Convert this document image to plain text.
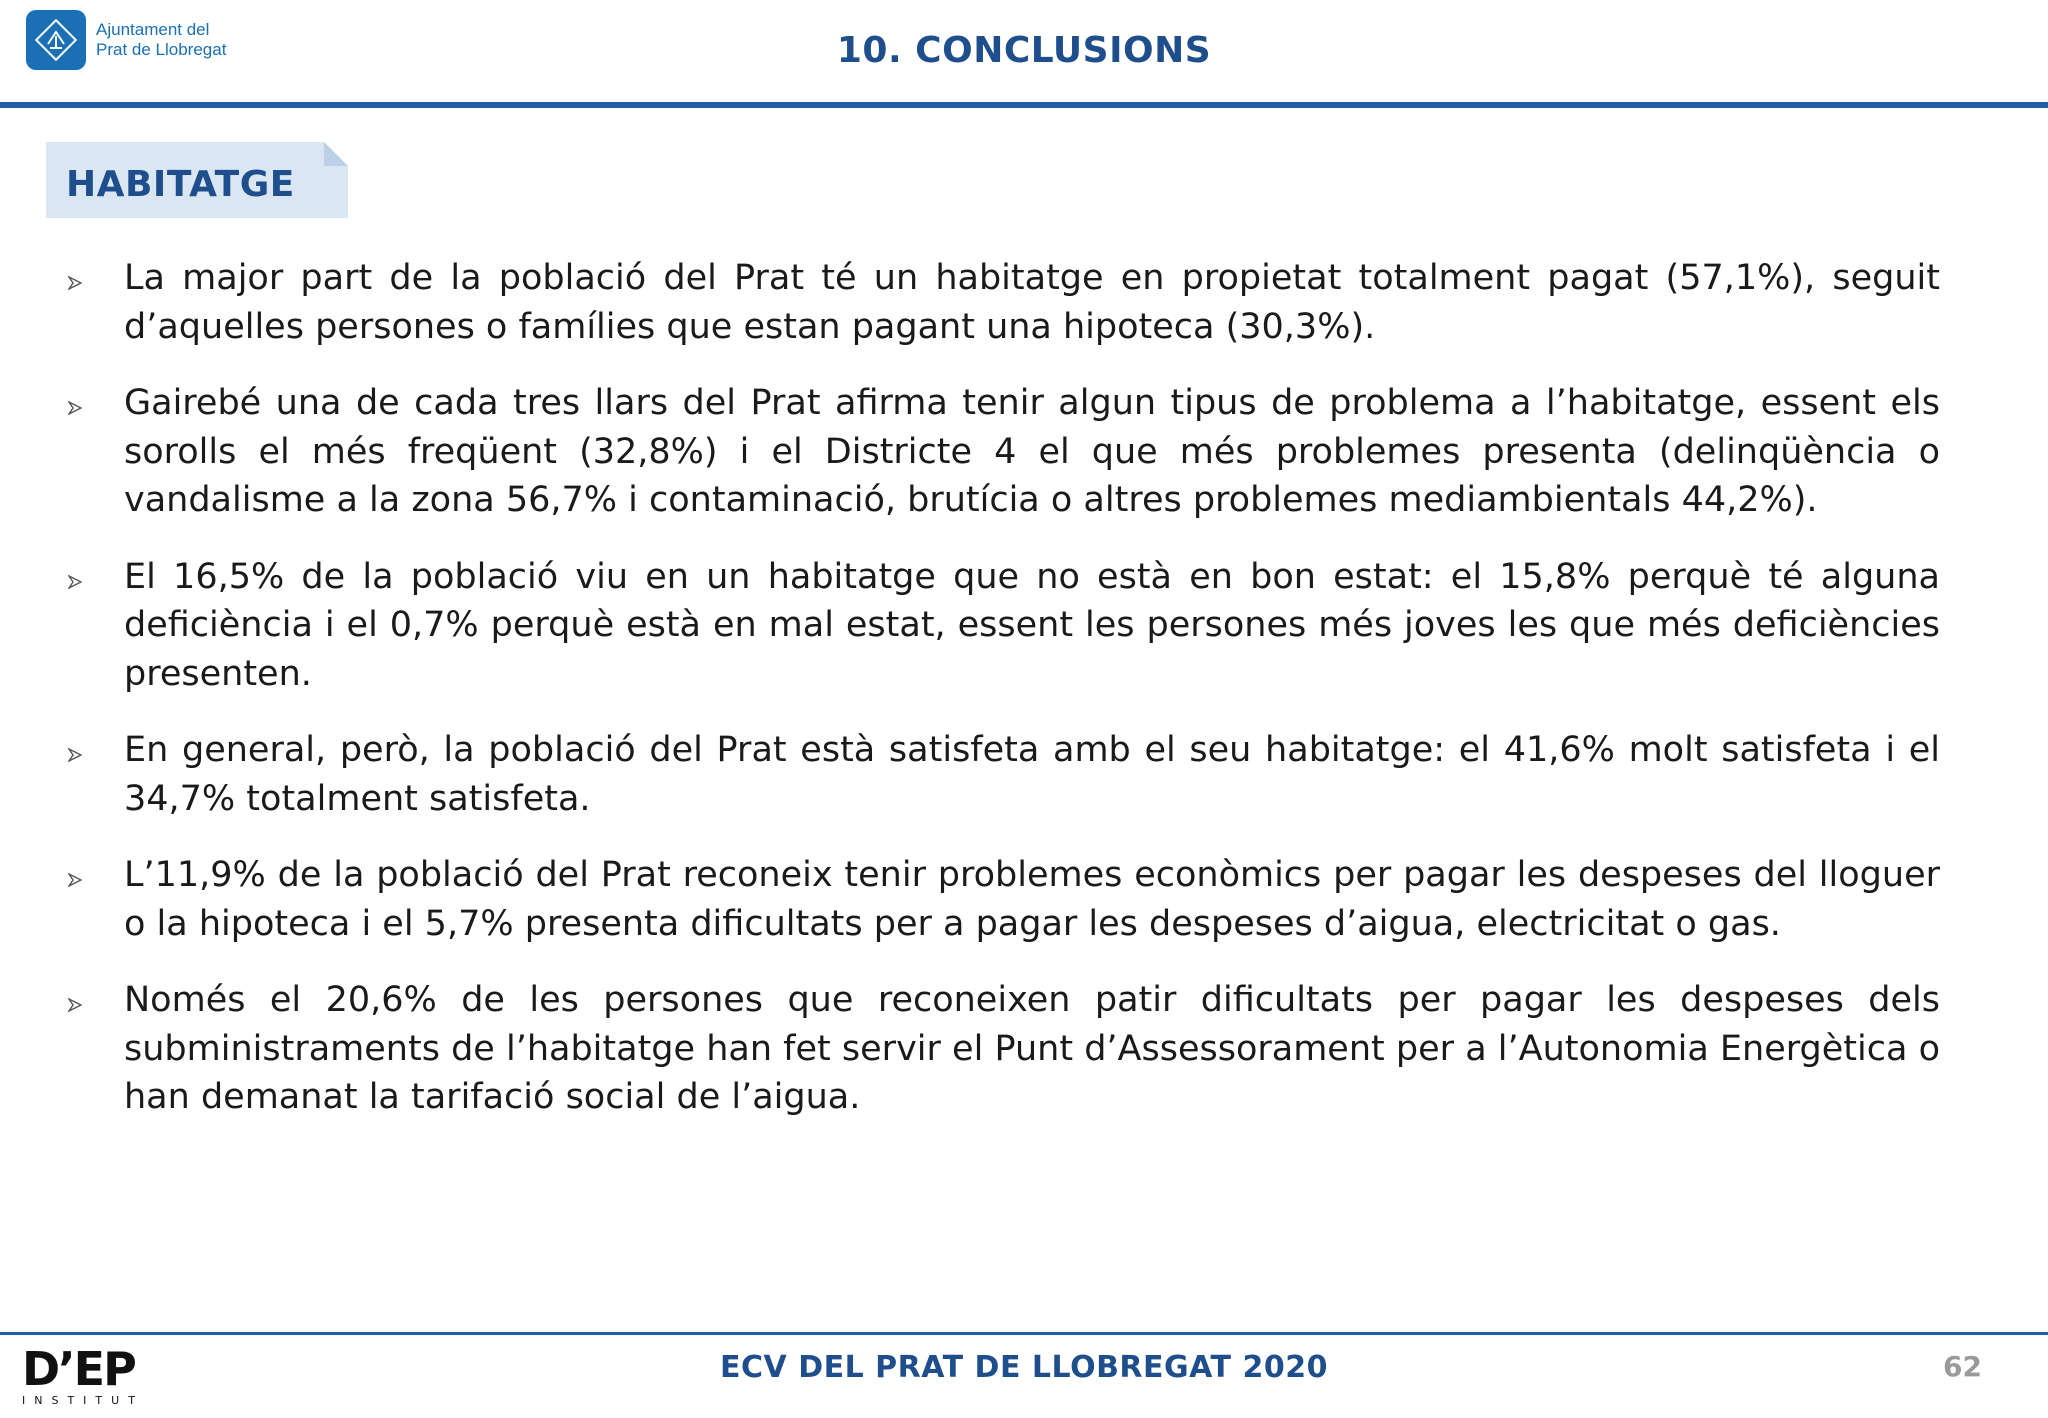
Ajuntament del
Prat de Llobregat	10. CONCLUSIONS
HABITATGE
La major part de la població del Prat té un habitatge en propietat totalment pagat (57,1%), seguit d’aquelles persones o famílies que estan pagant una hipoteca (30,3%).
Gairebé una de cada tres llars del Prat afirma tenir algun tipus de problema a l’habitatge, essent els sorolls el més freqüent (32,8%) i el Districte 4 el que més problemes presenta (delinqüència o vandalisme a la zona 56,7% i contaminació, brutícia o altres problemes mediambientals 44,2%).
El 16,5% de la població viu en un habitatge que no està en bon estat: el 15,8% perquè té alguna deficiència i el 0,7% perquè està en mal estat, essent les persones més joves les que més deficiències presenten.
En general, però, la població del Prat està satisfeta amb el seu habitatge: el 41,6% molt satisfeta i el 34,7% totalment satisfeta.
L’11,9% de la població del Prat reconeix tenir problemes econòmics per pagar les despeses del lloguer o la hipoteca i el 5,7% presenta dificultats per a pagar les despeses d’aigua, electricitat o gas.
Només el 20,6% de les persones que reconeixen patir dificultats per pagar les despeses dels subministraments de l’habitatge han fet servir el Punt d’Assessorament per a l’Autonomia Energètica o han demanat la tarifació social de l’aigua.
D’EP
INSTITUT
ECV DEL PRAT DE LLOBREGAT 2020	62
